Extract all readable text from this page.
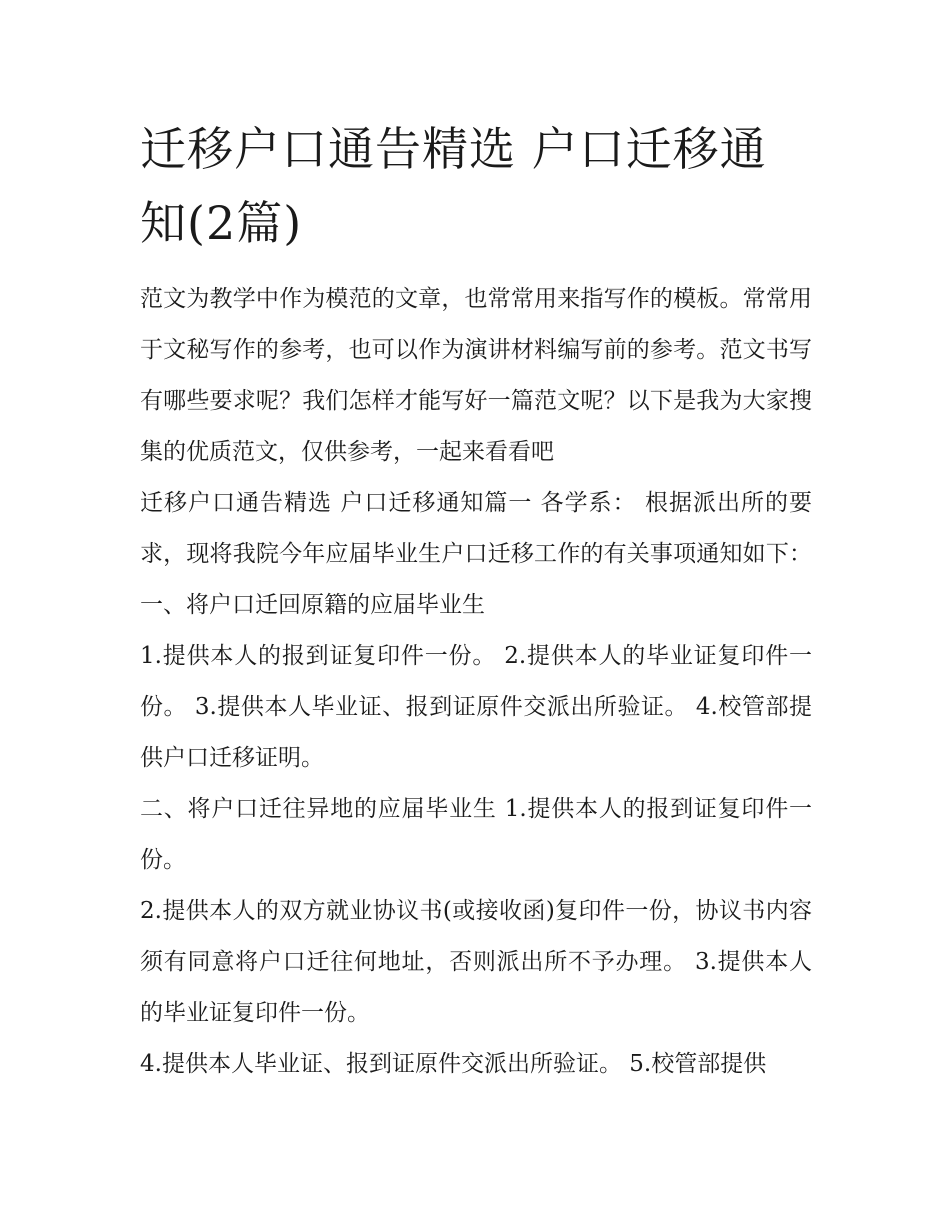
迁移户口通告精选 户口迁移通知(2篇)

范文为教学中作为模范的文章，也常常用来指写作的模板。常常用于文秘写作的参考，也可以作为演讲材料编写前的参考。范文书写有哪些要求呢？我们怎样才能写好一篇范文呢？以下是我为大家搜集的优质范文，仅供参考，一起来看看吧

迁移户口通告精选 户口迁移通知篇一 各学系： 根据派出所的要求，现将我院今年应届毕业生户口迁移工作的有关事项通知如下： 一、将户口迁回原籍的应届毕业生

1.提供本人的报到证复印件一份。 2.提供本人的毕业证复印件一份。 3.提供本人毕业证、报到证原件交派出所验证。 4.校管部提供户口迁移证明。

二、将户口迁往异地的应届毕业生 1.提供本人的报到证复印件一份。

2.提供本人的双方就业协议书(或接收函)复印件一份，协议书内容须有同意将户口迁往何地址，否则派出所不予办理。 3.提供本人的毕业证复印件一份。

4.提供本人毕业证、报到证原件交派出所验证。 5.校管部提供
